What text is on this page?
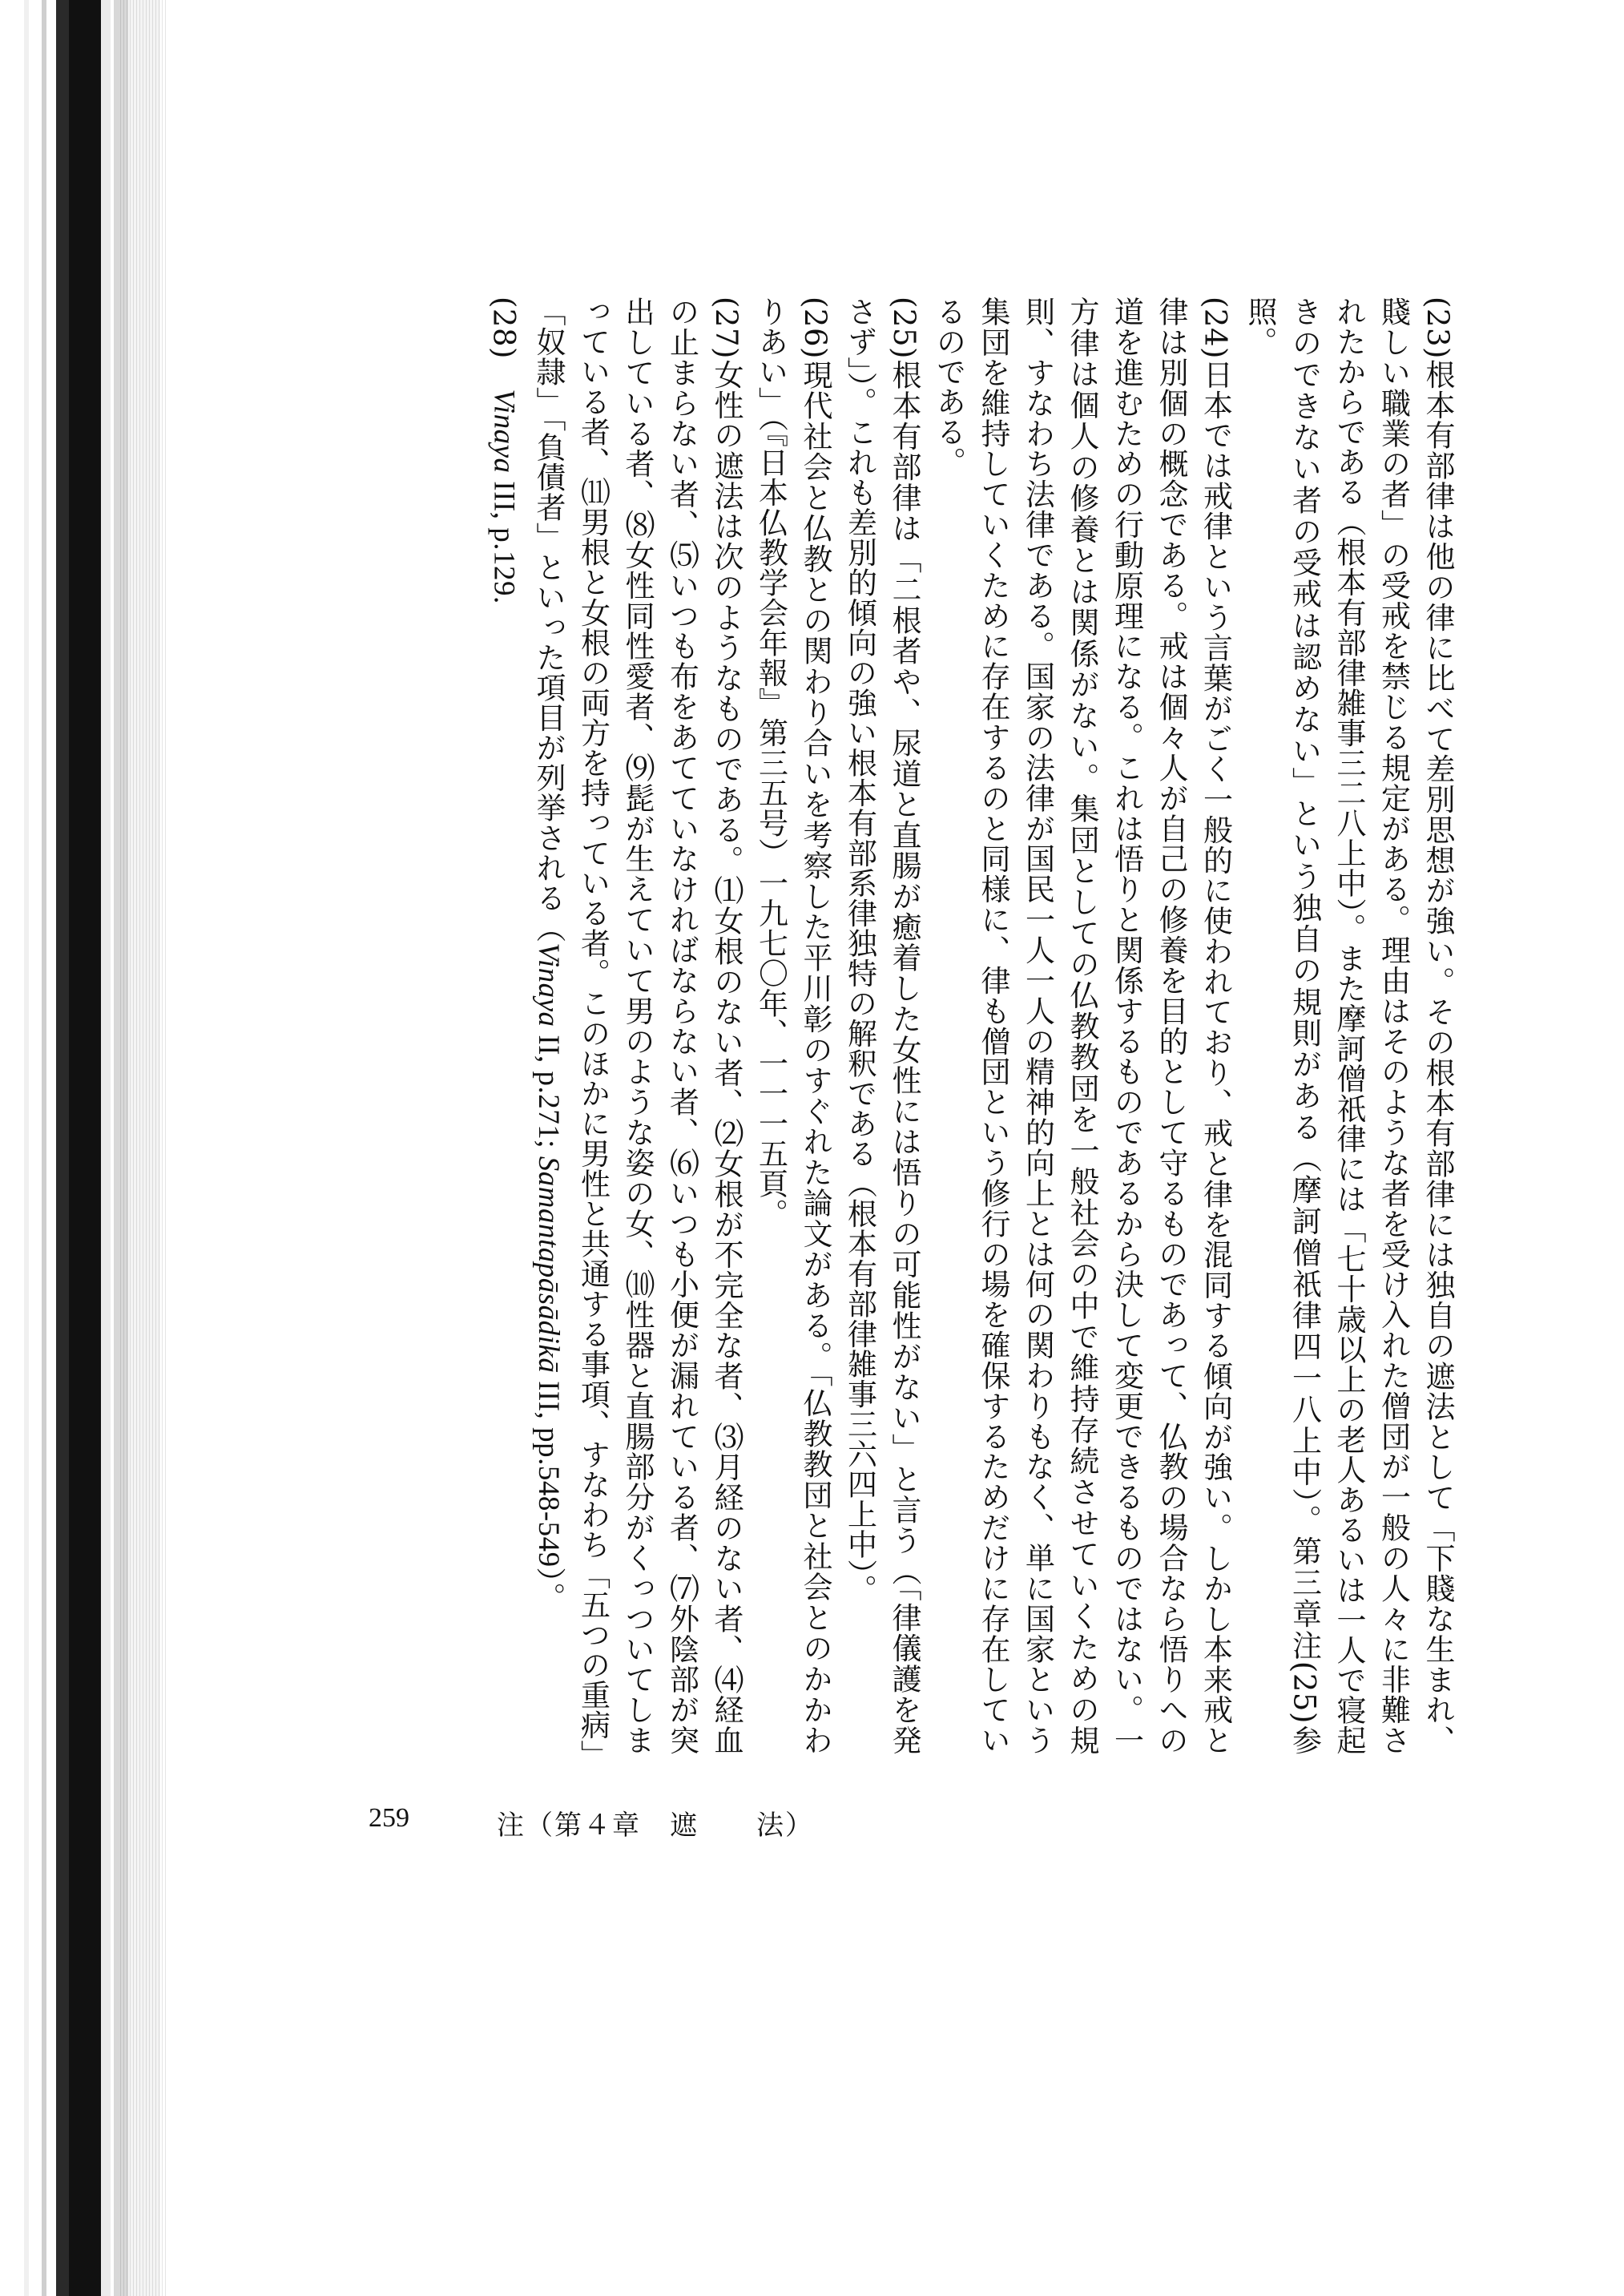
(23)根本有部律は他の律に比べて差別思想が強い。その根本有部律には独自の遮法として「下賤な生まれ、賤しい職業の者」の受戒を禁じる規定がある。理由はそのような者を受け入れた僧団が一般の人々に非難されたからである（根本有部律雑事三二八上中）。また摩訶僧祇律には「七十歳以上の老人あるいは一人で寝起きのできない者の受戒は認めない」という独自の規則がある（摩訶僧祇律四一八上中）。第三章注(25)参照。

(24)日本では戒律という言葉がごく一般的に使われており、戒と律を混同する傾向が強い。しかし本来戒と律は別個の概念である。戒は個々人が自己の修養を目的として守るものであって、仏教の場合なら悟りへの道を進むための行動原理になる。これは悟りと関係するものであるから決して変更できるものではない。一方律は個人の修養とは関係がない。集団としての仏教教団を一般社会の中で維持存続させていくための規則、すなわち法律である。国家の法律が国民一人一人の精神的向上とは何の関わりもなく、単に国家という集団を維持していくために存在するのと同様に、律も僧団という修行の場を確保するためだけに存在しているのである。

(25)根本有部律は「二根者や、尿道と直腸が癒着した女性には悟りの可能性がない」と言う（「律儀護を発さず」）。これも差別的傾向の強い根本有部系律独特の解釈である（根本有部律雑事三六四上中）。

(26)現代社会と仏教との関わり合いを考察した平川彰のすぐれた論文がある。「仏教教団と社会とのかかわりあい」（『日本仏教学会年報』第三五号）一九七〇年、一一一五頁。

(27)女性の遮法は次のようなものである。⑴女根のない者、⑵女根が不完全な者、⑶月経のない者、⑷経血の止まらない者、⑸いつも布をあてていなければならない者、⑹いつも小便が漏れている者、⑺外陰部が突出している者、⑻女性同性愛者、⑼髭が生えていて男のような姿の女、⑽性器と直腸部分がくっついてしまっている者、⑾男根と女根の両方を持っている者。このほかに男性と共通する事項、すなわち「五つの重病」「奴隷」「負債者」といった項目が列挙される（Vinaya II, p.271; Samantapāsādikā III, pp.548-549）。

(28)　Vinaya III, p.129.

259	注（第４章　遮　　法）
